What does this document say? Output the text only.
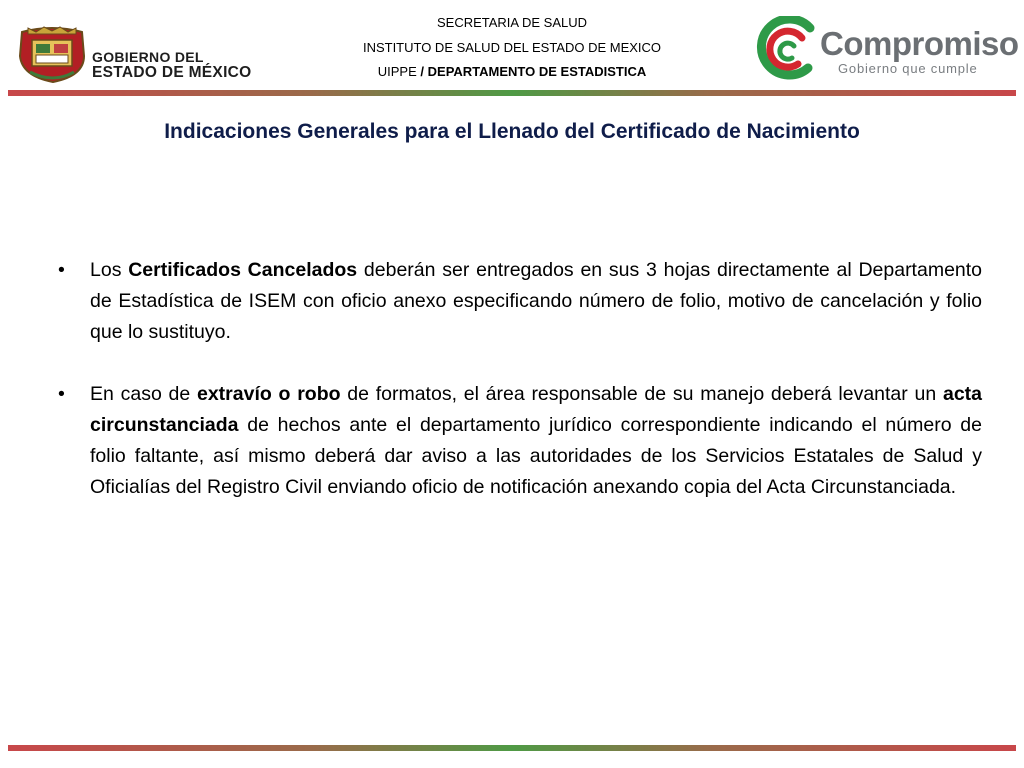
SECRETARIA DE SALUD
INSTITUTO DE SALUD DEL ESTADO DE MEXICO
UIPPE / DEPARTAMENTO DE ESTADISTICA
GOBIERNO DEL
ESTADO DE MÉXICO
Compromiso
Gobierno que cumple
Indicaciones Generales para el Llenado del Certificado de Nacimiento
• Los Certificados Cancelados deberán ser entregados en sus 3 hojas directamente al Departamento de Estadística de ISEM con oficio anexo especificando número de folio, motivo de cancelación y folio que lo sustituyo.
• En caso de extravío o robo de formatos, el área responsable de su manejo deberá levantar un acta circunstanciada de hechos ante el departamento jurídico correspondiente indicando el número de folio faltante, así mismo deberá dar aviso a las autoridades de los Servicios Estatales de Salud y Oficialías del Registro Civil enviando oficio de notificación anexando copia del Acta Circunstanciada.
